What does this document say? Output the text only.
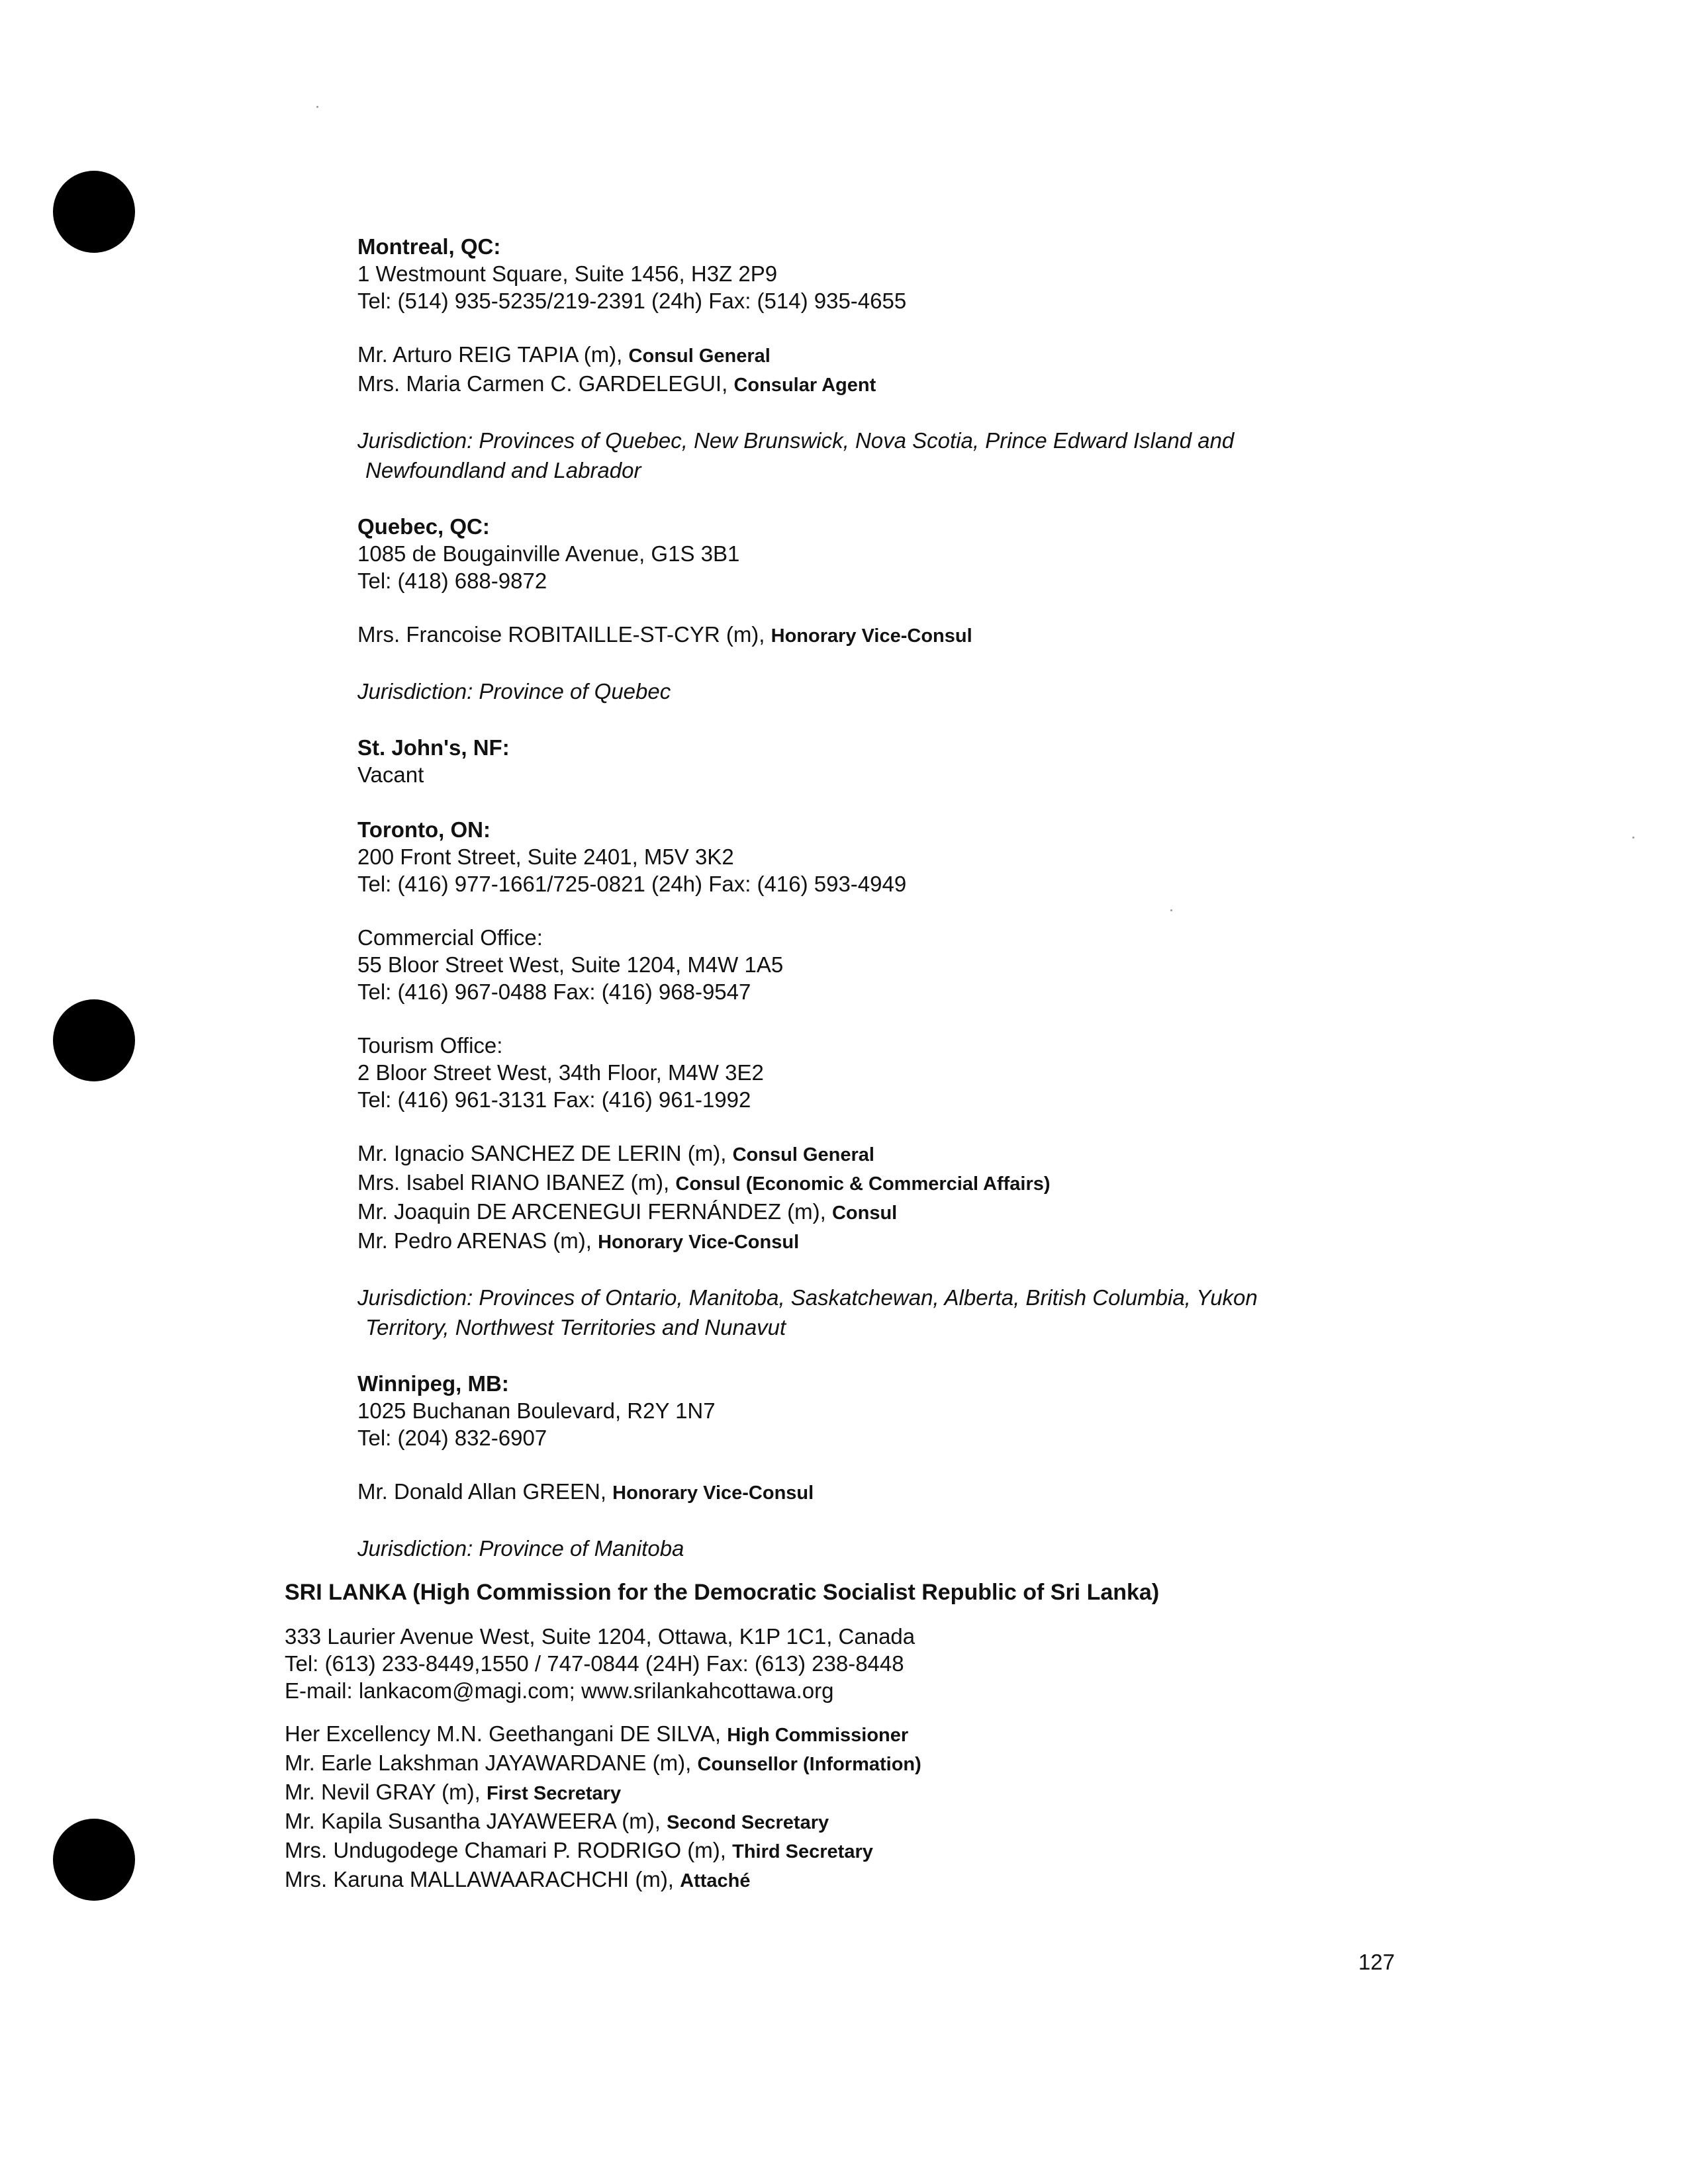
Montreal, QC:
1 Westmount Square, Suite 1456, H3Z 2P9
Tel: (514) 935-5235/219-2391 (24h) Fax: (514) 935-4655
Mr. Arturo REIG TAPIA (m), Consul General
Mrs. Maria Carmen C. GARDELEGUI, Consular Agent
Jurisdiction: Provinces of Quebec, New Brunswick, Nova Scotia, Prince Edward Island and
Newfoundland and Labrador
Quebec, QC:
1085 de Bougainville Avenue, G1S 3B1
Tel: (418) 688-9872
Mrs. Francoise ROBITAILLE-ST-CYR (m), Honorary Vice-Consul
Jurisdiction: Province of Quebec
St. John's, NF:
Vacant
Toronto, ON:
200 Front Street, Suite 2401, M5V 3K2
Tel: (416) 977-1661/725-0821 (24h) Fax: (416) 593-4949
Commercial Office:
55 Bloor Street West, Suite 1204, M4W 1A5
Tel: (416) 967-0488 Fax: (416) 968-9547
Tourism Office:
2 Bloor Street West, 34th Floor, M4W 3E2
Tel: (416) 961-3131 Fax: (416) 961-1992
Mr. Ignacio SANCHEZ DE LERIN (m), Consul General
Mrs. Isabel RIANO IBANEZ (m), Consul (Economic & Commercial Affairs)
Mr. Joaquin DE ARCENEGUI FERNÁNDEZ (m), Consul
Mr. Pedro ARENAS (m), Honorary Vice-Consul
Jurisdiction: Provinces of Ontario, Manitoba, Saskatchewan, Alberta, British Columbia, Yukon
Territory, Northwest Territories and Nunavut
Winnipeg, MB:
1025 Buchanan Boulevard, R2Y 1N7
Tel: (204) 832-6907
Mr. Donald Allan GREEN, Honorary Vice-Consul
Jurisdiction: Province of Manitoba
SRI LANKA (High Commission for the Democratic Socialist Republic of Sri Lanka)
333 Laurier Avenue West, Suite 1204, Ottawa, K1P 1C1, Canada
Tel: (613) 233-8449,1550 / 747-0844 (24H) Fax: (613) 238-8448
E-mail: lankacom@magi.com; www.srilankahcottawa.org
Her Excellency M.N. Geethangani DE SILVA, High Commissioner
Mr. Earle Lakshman JAYAWARDANE (m), Counsellor (Information)
Mr. Nevil GRAY (m), First Secretary
Mr. Kapila Susantha JAYAWEERA (m), Second Secretary
Mrs. Undugodege Chamari P. RODRIGO (m), Third Secretary
Mrs. Karuna MALLAWAARACHCHI (m), Attaché
127
